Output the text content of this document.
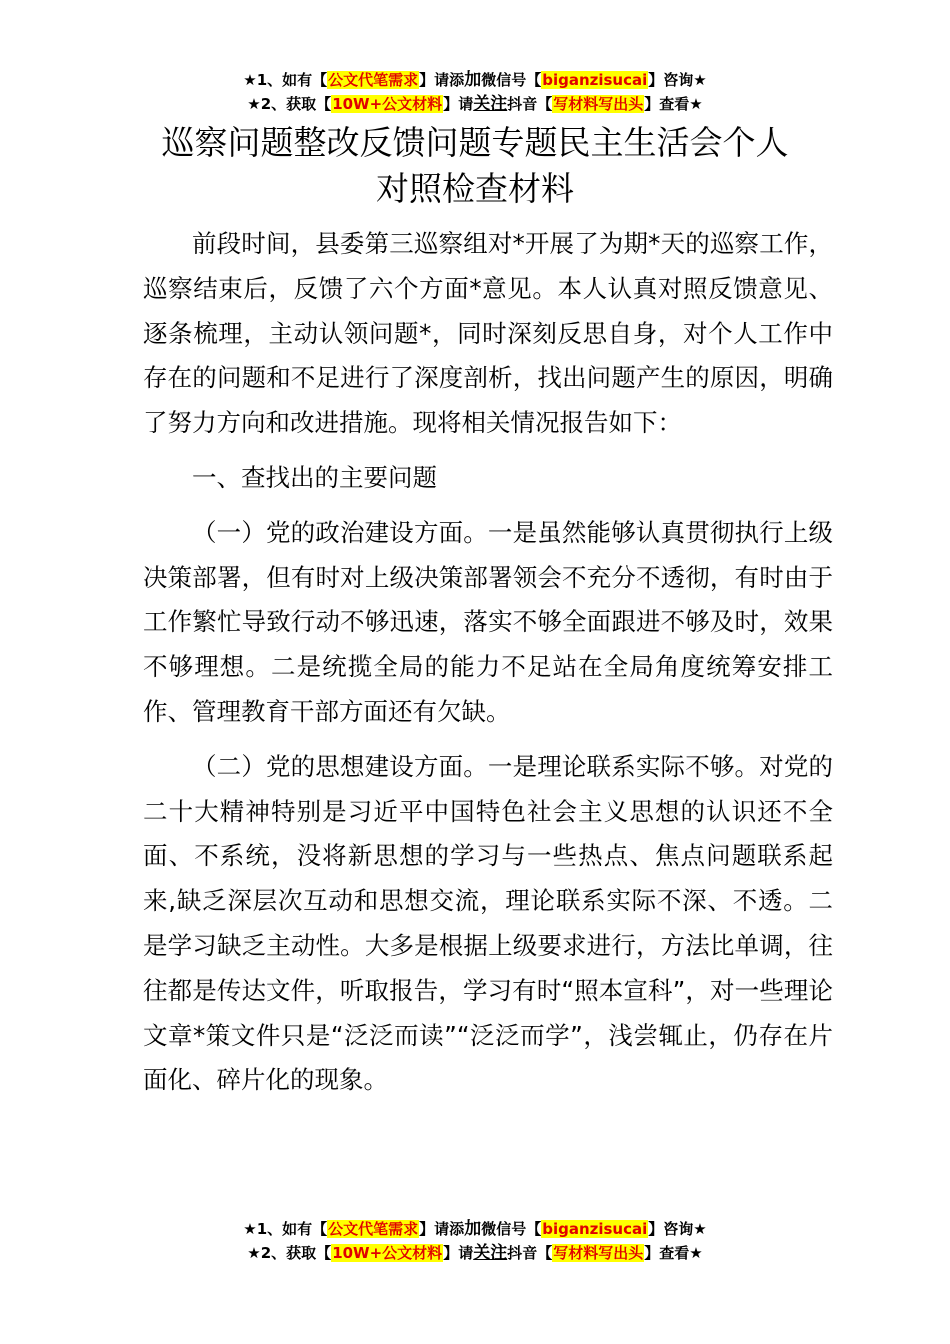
★1、如有【公文代笔需求】请添加微信号【biganzisucai】咨询★
★2、获取【10W+公文材料】请关注抖音【写材料写出头】查看★
巡察问题整改反馈问题专题民主生活会个人
对照检查材料

前段时间，县委第三巡察组对*开展了为期*天的巡察工作，巡察结束后，反馈了六个方面*意见。本人认真对照反馈意见、逐条梳理，主动认领问题*，同时深刻反思自身，对个人工作中存在的问题和不足进行了深度剖析，找出问题产生的原因，明确了努力方向和改进措施。现将相关情况报告如下：

一、查找出的主要问题

（一）党的政治建设方面。一是虽然能够认真贯彻执行上级决策部署，但有时对上级决策部署领会不充分不透彻，有时由于工作繁忙导致行动不够迅速，落实不够全面跟进不够及时，效果不够理想。二是统揽全局的能力不足站在全局角度统筹安排工作、管理教育干部方面还有欠缺。

（二）党的思想建设方面。一是理论联系实际不够。对党的二十大精神特别是习近平中国特色社会主义思想的认识还不全面、不系统，没将新思想的学习与一些热点、焦点问题联系起来,缺乏深层次互动和思想交流，理论联系实际不深、不透。二是学习缺乏主动性。大多是根据上级要求进行，方法比单调，往往都是传达文件，听取报告，学习有时“照本宣科”，对一些理论文章*策文件只是“泛泛而读”“泛泛而学”，浅尝辄止，仍存在片面化、碎片化的现象。

★1、如有【公文代笔需求】请添加微信号【biganzisucai】咨询★
★2、获取【10W+公文材料】请关注抖音【写材料写出头】查看★
